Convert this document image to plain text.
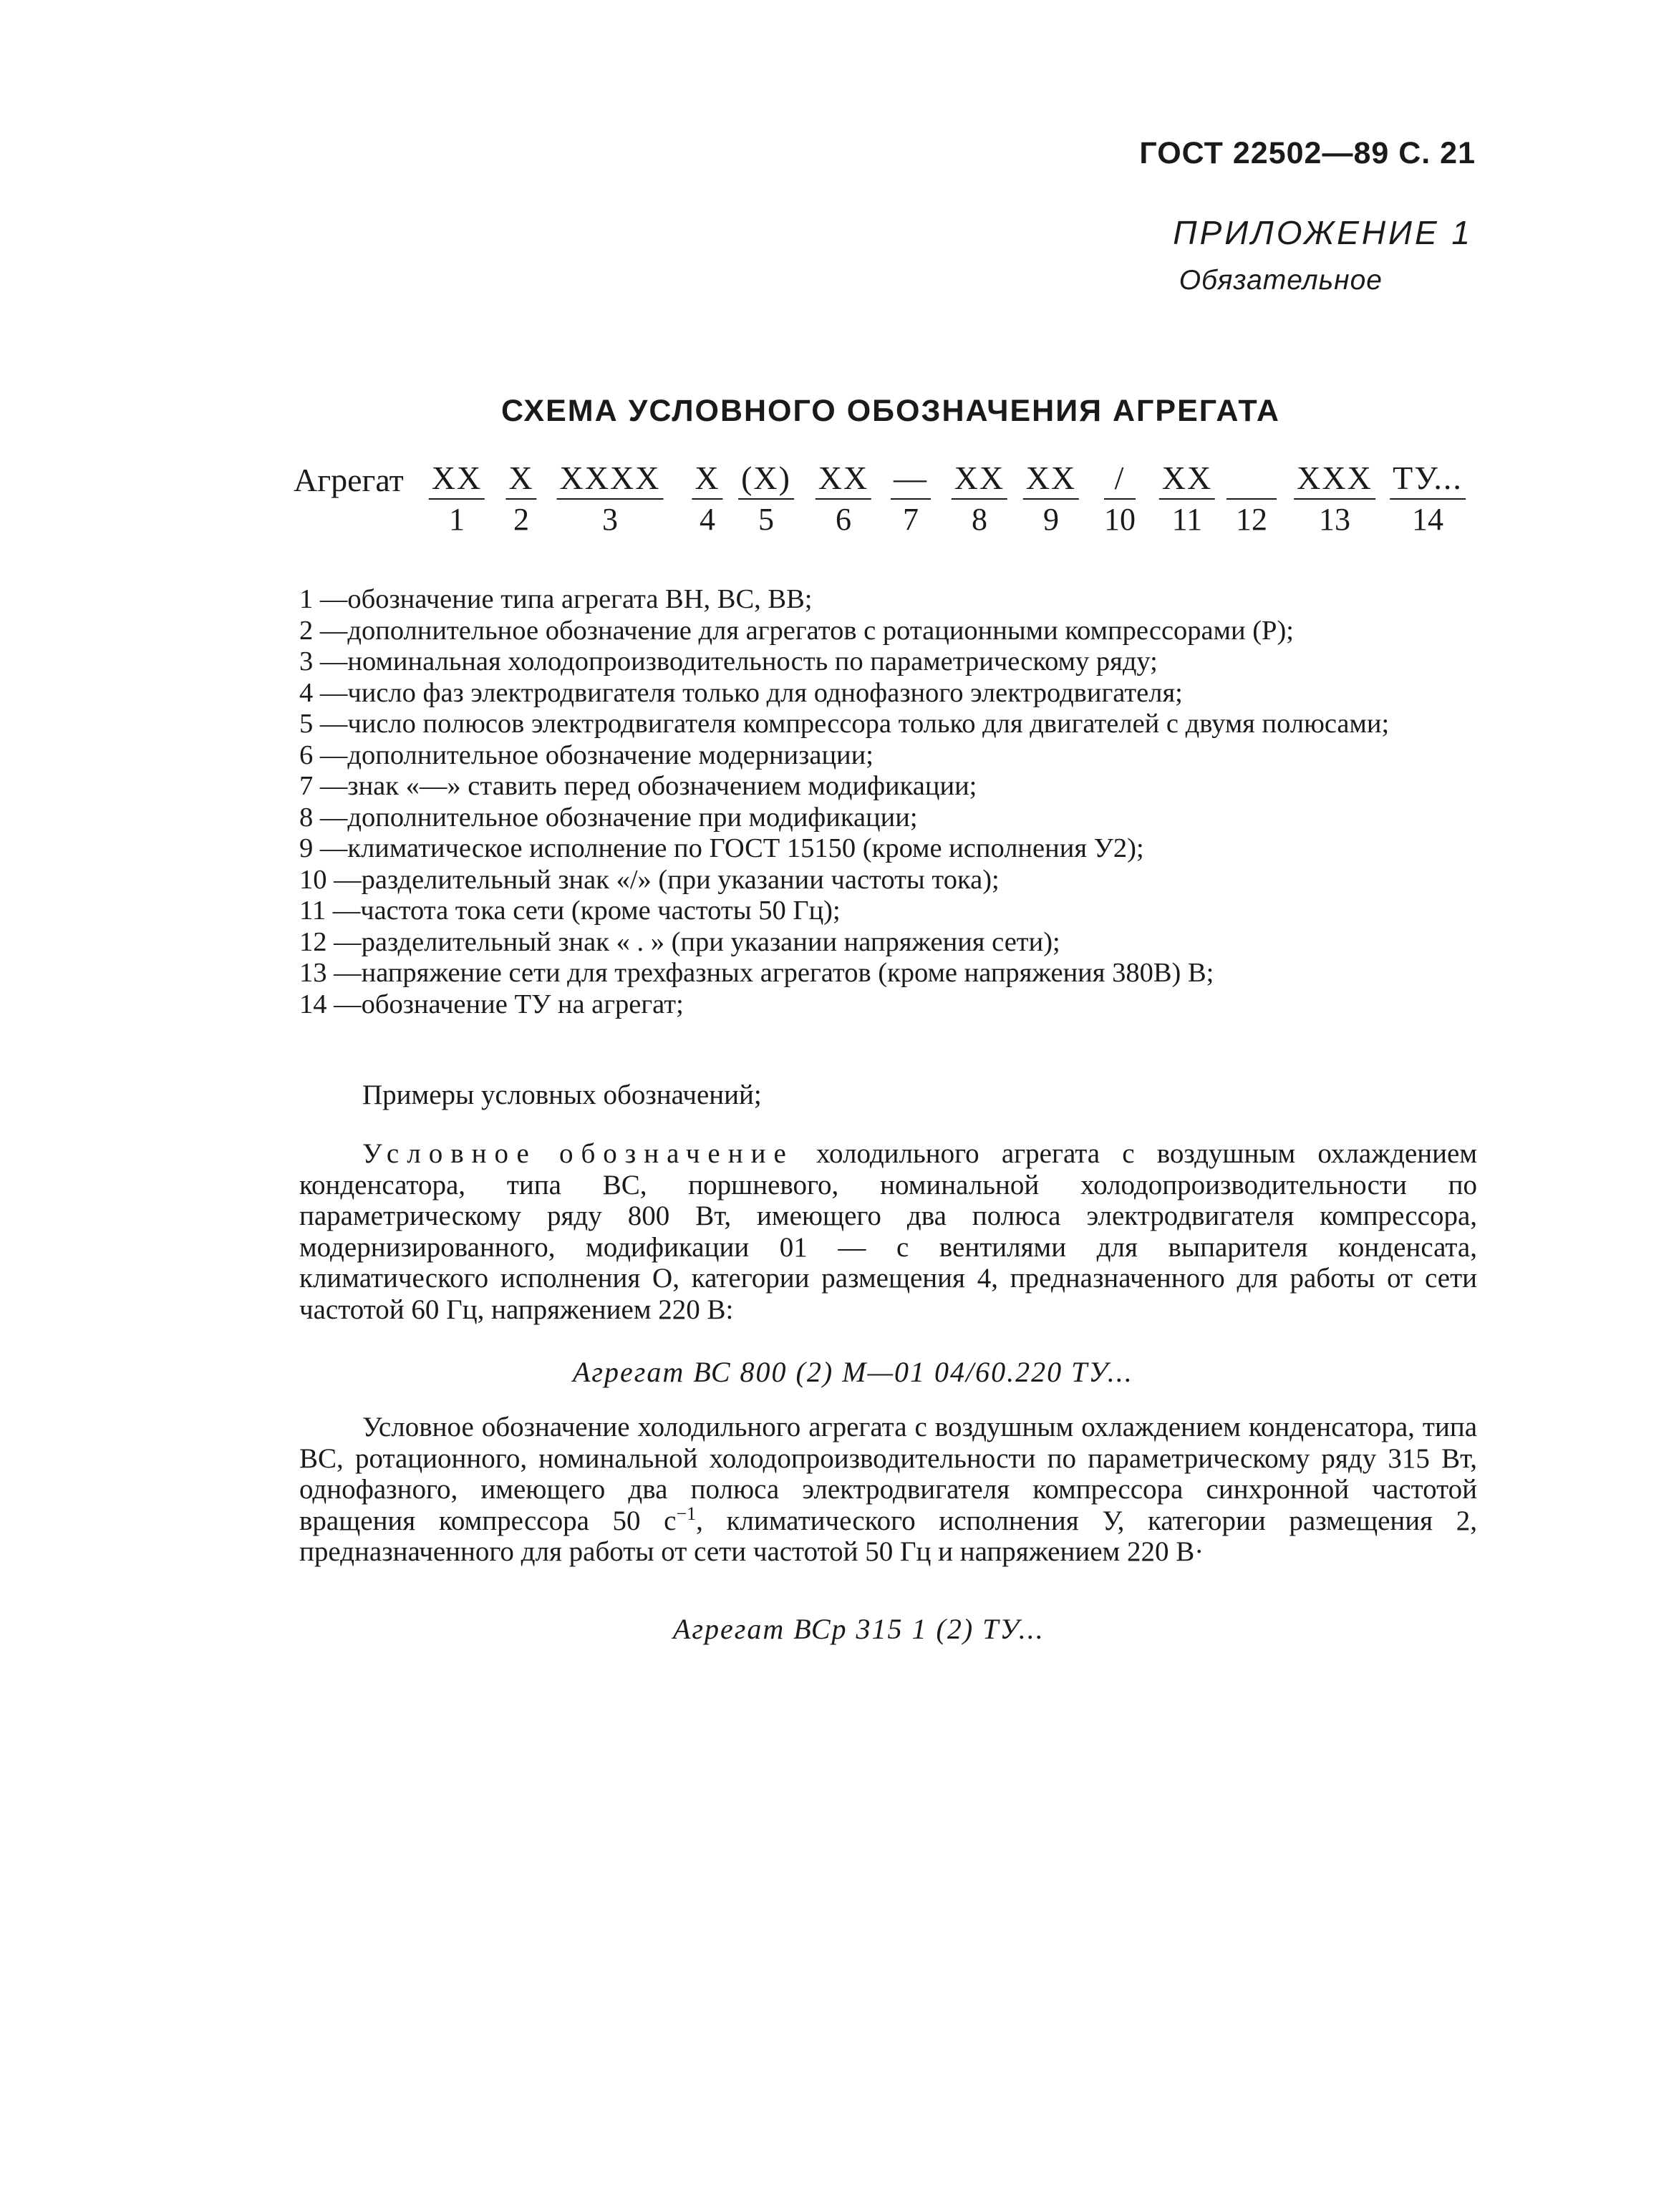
ГОСТ 22502—89 С. 21
ПРИЛОЖЕНИЕ 1
Обязательное
СХЕМА УСЛОВНОГО ОБОЗНАЧЕНИЯ АГРЕГАТА
Агрегат XX
1
X
2
XXXX
3
X
4
(X)
5
XX
6
—
7
XX
8
XX
9
/
10
XX
11	12
XXX
13
ТУ...
14

1 — обозначение типа агрегата ВН, ВС, ВВ;

2 — дополнительное обозначение для агрегатов с ротационными компрессорами (Р);

3 — номинальная холодопроизводительность по параметрическому ряду;

4 — число фаз электродвигателя только для однофазного электродвигателя;

5 — число полюсов электродвигателя компрессора только для двигателей с двумя полюсами;

6 — дополнительное обозначение модернизации;

7 — знак «—» ставить перед обозначением модификации;

8 — дополнительное обозначение при модификации;

9 — климатическое исполнение по ГОСТ 15150 (кроме исполнения У2);

10 — разделительный знак «/» (при указании частоты тока);

11 — частота тока сети (кроме частоты 50 Гц);

12 — разделительный знак « . » (при указании напряжения сети);

13 — напряжение сети для трехфазных агрегатов (кроме напряжения 380В) В;

14 — обозначение ТУ на агрегат;

Примеры условных обозначений;

Условное обозначение холодильного агрегата с воздушным охлаждением конденсатора, типа ВС, поршневого, номинальной холодопроизводительности по параметрическому ряду 800 Вт, имеющего два полюса электродвигателя компрессора, модернизированного, модификации 01 — с вентилями для выпарителя конденсата, климатического исполнения О, категории размещения 4, предназначенного для работы от сети частотой 60 Гц, напряжением 220 В:

Агрегат ВС 800 (2) М—01 04/60.220 ТУ...

Условное обозначение холодильного агрегата с воздушным охлаждением конденсатора, типа ВС, ротационного, номинальной холодопроизводительности по параметрическому ряду 315 Вт, однофазного, имеющего два полюса электродвигателя компрессора синхронной частотой вращения компрессора 50 $с^{-1}$, климатического исполнения У, категории размещения 2, предназначенного для работы от сети частотой 50 Гц и напряжением 220 В·

Агрегат ВСр 315 1 (2) ТУ...
